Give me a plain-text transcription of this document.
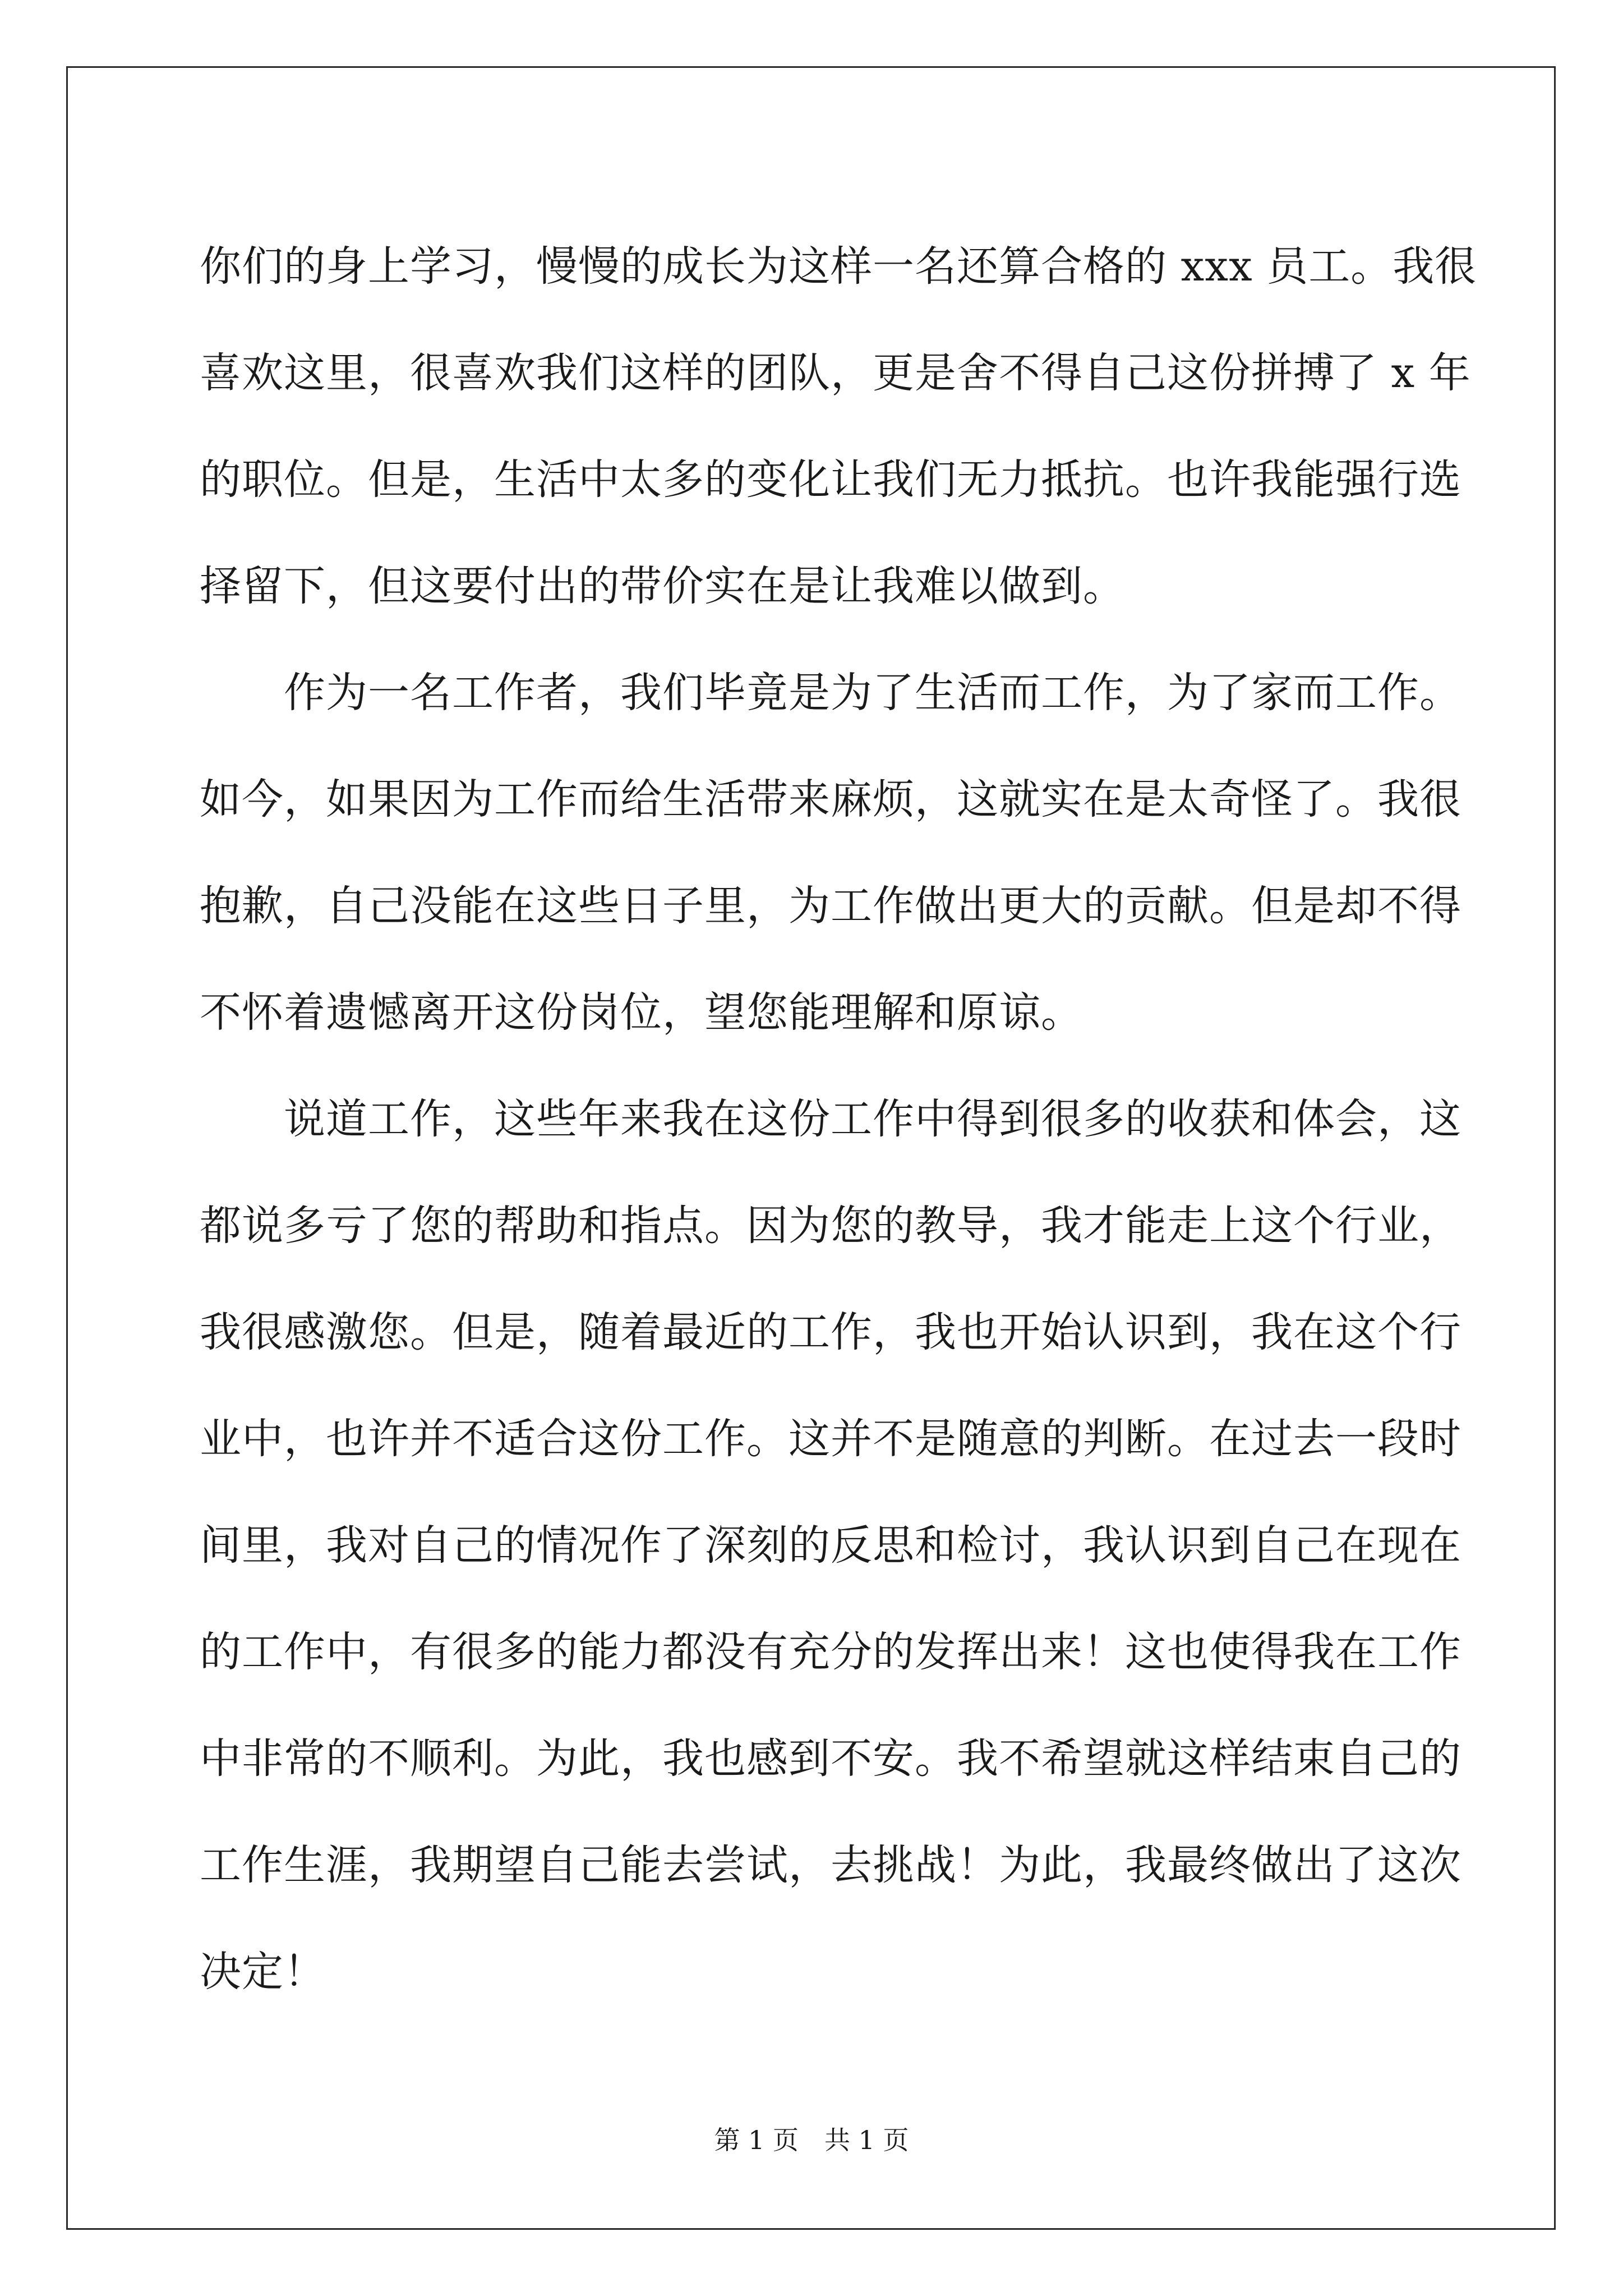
你们的身上学习，慢慢的成长为这样一名还算合格的 xxx 员工。我很
喜欢这里，很喜欢我们这样的团队，更是舍不得自己这份拼搏了 x 年
的职位。但是，生活中太多的变化让我们无力抵抗。也许我能强行选
择留下，但这要付出的带价实在是让我难以做到。
作为一名工作者，我们毕竟是为了生活而工作，为了家而工作。
如今，如果因为工作而给生活带来麻烦，这就实在是太奇怪了。我很
抱歉，自己没能在这些日子里，为工作做出更大的贡献。但是却不得
不怀着遗憾离开这份岗位，望您能理解和原谅。
说道工作，这些年来我在这份工作中得到很多的收获和体会，这
都说多亏了您的帮助和指点。因为您的教导，我才能走上这个行业，
我很感激您。但是，随着最近的工作，我也开始认识到，我在这个行
业中，也许并不适合这份工作。这并不是随意的判断。在过去一段时
间里，我对自己的情况作了深刻的反思和检讨，我认识到自己在现在
的工作中，有很多的能力都没有充分的发挥出来！这也使得我在工作
中非常的不顺利。为此，我也感到不安。我不希望就这样结束自己的
工作生涯，我期望自己能去尝试，去挑战！为此，我最终做出了这次
决定！
第 1 页　共 1 页
